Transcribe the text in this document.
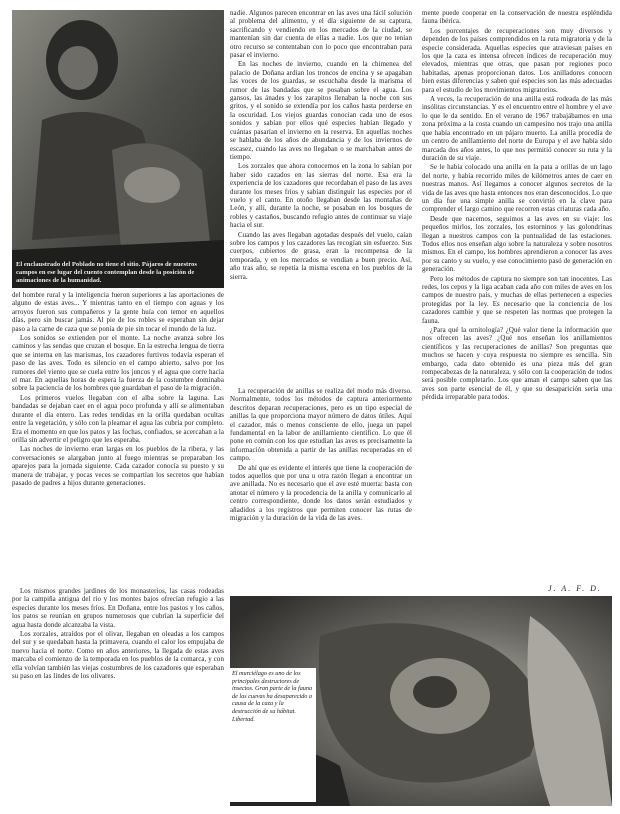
El enclaustrado del Poblado no tiene el sitio. Pájaros de nuestros campos en ese lugar del cuento contemplan desde la posición de animaciones de la humanidad.

del hombre rural y la inteligencia fueron superiores a las aportaciones de alguno de estas aves... Y mientras tanto en el tiempo con aguas y los arroyos fueron sus compañeros y la gente huía con temor en aquellos días, pero sin buscar jamás. Al pie de los robles se esperaban sin dejar paso a la carne de caza que se ponía de pie sin tocar el mundo de la luz.

Los sonidos se extienden por el monte. La noche avanza sobre los caminos y las sendas que cruzan el bosque. En la estrecha lengua de tierra que se interna en las marismas, los cazadores furtivos todavía esperan el paso de las aves. Todo es silencio en el campo abierto, salvo por los rumores del viento que se cuela entre los juncos y el agua que corre hacia el mar. En aquellas horas de espera la fuerza de la costumbre dominaba sobre la paciencia de los hombres que guardaban el paso de la migración.

Los primeros vuelos llegaban con el alba sobre la laguna. Las bandadas se dejaban caer en el agua poco profunda y allí se alimentaban durante el día entero. Las redes tendidas en la orilla quedaban ocultas entre la vegetación, y sólo con la pleamar el agua las cubría por completo. Era el momento en que los patos y las fochas, confiados, se acercaban a la orilla sin advertir el peligro que les esperaba.

Las noches de invierno eran largas en los pueblos de la ribera, y las conversaciones se alargaban junto al fuego mientras se preparaban los aparejos para la jornada siguiente. Cada cazador conocía su puesto y su manera de trabajar, y pocas veces se compartían los secretos que habían pasado de padres a hijos durante generaciones.

Los mismos grandes jardines de los monasterios, las casas rodeadas por la campiña antigua del río y los montes bajos ofrecían refugio a las especies durante los meses fríos. En Doñana, entre los pastos y los caños, los patos se reunían en grupos numerosos que cubrían la superficie del agua hasta donde alcanzaba la vista.

Los zorzales, atraídos por el olivar, llegaban en oleadas a los campos del sur y se quedaban hasta la primavera, cuando el calor los empujaba de nuevo hacia el norte. Como en años anteriores, la llegada de estas aves marcaba el comienzo de la temporada en los pueblos de la comarca, y con ella volvían también las viejas costumbres de los cazadores que esperaban su paso en las lindes de los olivares.

nadie. Algunos parecen encontrar en las aves una fácil solución al problema del alimento, y el día siguiente de su captura, sacrificando y vendiendo en los mercados de la ciudad, se mantenían sin dar cuenta de ellas a nadie. Los que no tenían otro recurso se contentaban con lo poco que encontraban para pasar el invierno.

En las noches de invierno, cuando en la chimenea del palacio de Doñana ardían los troncos de encina y se apagaban las voces de los guardas, se escuchaba desde la marisma el rumor de las bandadas que se posaban sobre el agua. Los gansos, las ánades y los zarapitos llenaban la noche con sus gritos, y el sonido se extendía por los caños hasta perderse en la oscuridad. Los viejos guardas conocían cada uno de esos sonidos y sabían por ellos qué especies habían llegado y cuántas pasarían el invierno en la reserva. En aquellas noches se hablaba de los años de abundancia y de los inviernos de escasez, cuando las aves no llegaban o se marchaban antes de tiempo.

Los zorzales que ahora conocemos en la zona lo sabían por haber sido cazados en las sierras del norte. Esa era la experiencia de los cazadores que recordaban el paso de las aves durante los meses fríos y sabían distinguir las especies por el vuelo y el canto. En otoño llegaban desde las montañas de León, y allí, durante la noche, se posaban en los bosques de robles y castaños, buscando refugio antes de continuar su viaje hacia el sur.

Cuando las aves llegaban agotadas después del vuelo, caían sobre los campos y los cazadores las recogían sin esfuerzo. Sus cuerpos, cubiertos de grasa, eran la recompensa de la temporada, y en los mercados se vendían a buen precio. Así, año tras año, se repetía la misma escena en los pueblos de la sierra.

La recuperación de anillas se realiza del modo más diverso. Normalmente, todos los métodos de captura anteriormente descritos deparan recuperaciones, pero es un tipo especial de anillas la que proporciona mayor número de datos útiles. Aquí el cazador, más o menos consciente de ello, juega un papel fundamental en la labor de anillamiento científico. Lo que él pone en común con los que estudian las aves es precisamente la información obtenida a partir de las anillas recuperadas en el campo.

De ahí que es evidente el interés que tiene la cooperación de todos aquellos que por una u otra razón llegan a encontrar un ave anillada. No es necesario que el ave esté muerta: basta con anotar el número y la procedencia de la anilla y comunicarlo al centro correspondiente, donde los datos serán estudiados y añadidos a los registros que permiten conocer las rutas de migración y la duración de la vida de las aves.

mente puede cooperar en la conservación de nuestra espléndida fauna ibérica.

Los porcentajes de recuperaciones son muy diversos y dependen de los países comprendidos en la ruta migratoria y de la especie considerada. Aquellas especies que atraviesan países en los que la caza es intensa ofrecen índices de recuperación muy elevados, mientras que otras, que pasan por regiones poco habitadas, apenas proporcionan datos. Los anilladores conocen bien estas diferencias y saben qué especies son las más adecuadas para el estudio de los movimientos migratorios.

A veces, la recuperación de una anilla está rodeada de las más insólitas circunstancias. Y es el encuentro entre el hombre y el ave lo que le da sentido. En el verano de 1967 trabajábamos en una zona próxima a la costa cuando un campesino nos trajo una anilla que había encontrado en un pájaro muerto. La anilla procedía de un centro de anillamiento del norte de Europa y el ave había sido marcada dos años antes, lo que nos permitió conocer su ruta y la duración de su viaje.

Se le había colocado una anilla en la pata a orillas de un lago del norte, y había recorrido miles de kilómetros antes de caer en nuestras manos. Así llegamos a conocer algunos secretos de la vida de las aves que hasta entonces nos eran desconocidos. Lo que un día fue una simple anilla se convirtió en la clave para comprender el largo camino que recorren estas criaturas cada año.

Desde que nacemos, seguimos a las aves en su viaje: los pequeños mirlos, los zorzales, los estorninos y las golondrinas llegan a nuestros campos con la puntualidad de las estaciones. Todos ellos nos enseñan algo sobre la naturaleza y sobre nosotros mismos. En el campo, los hombres aprendieron a conocer las aves por su canto y su vuelo, y ese conocimiento pasó de generación en generación.

Pero los métodos de captura no siempre son tan inocentes. Las redes, los cepos y la liga acaban cada año con miles de aves en los campos de nuestro país, y muchas de ellas pertenecen a especies protegidas por la ley. Es necesario que la conciencia de los cazadores cambie y que se respeten las normas que protegen la fauna.

¿Para qué la ornitología? ¿Qué valor tiene la información que nos ofrecen las aves? ¿Qué nos enseñan los anillamientos científicos y las recuperaciones de anillas? Son preguntas que muchos se hacen y cuya respuesta no siempre es sencilla. Sin embargo, cada dato obtenido es una pieza más del gran rompecabezas de la naturaleza, y sólo con la cooperación de todos será posible completarlo. Los que aman el campo saben que las aves son parte esencial de él, y que su desaparición sería una pérdida irreparable para todos.

J. A. F. D.
El murciélago es uno de los principales destructores de insectos. Gran parte de la fauna de las cuevas ha desaparecido a causa de la caza y la destrucción de su hábitat. Libertad.
